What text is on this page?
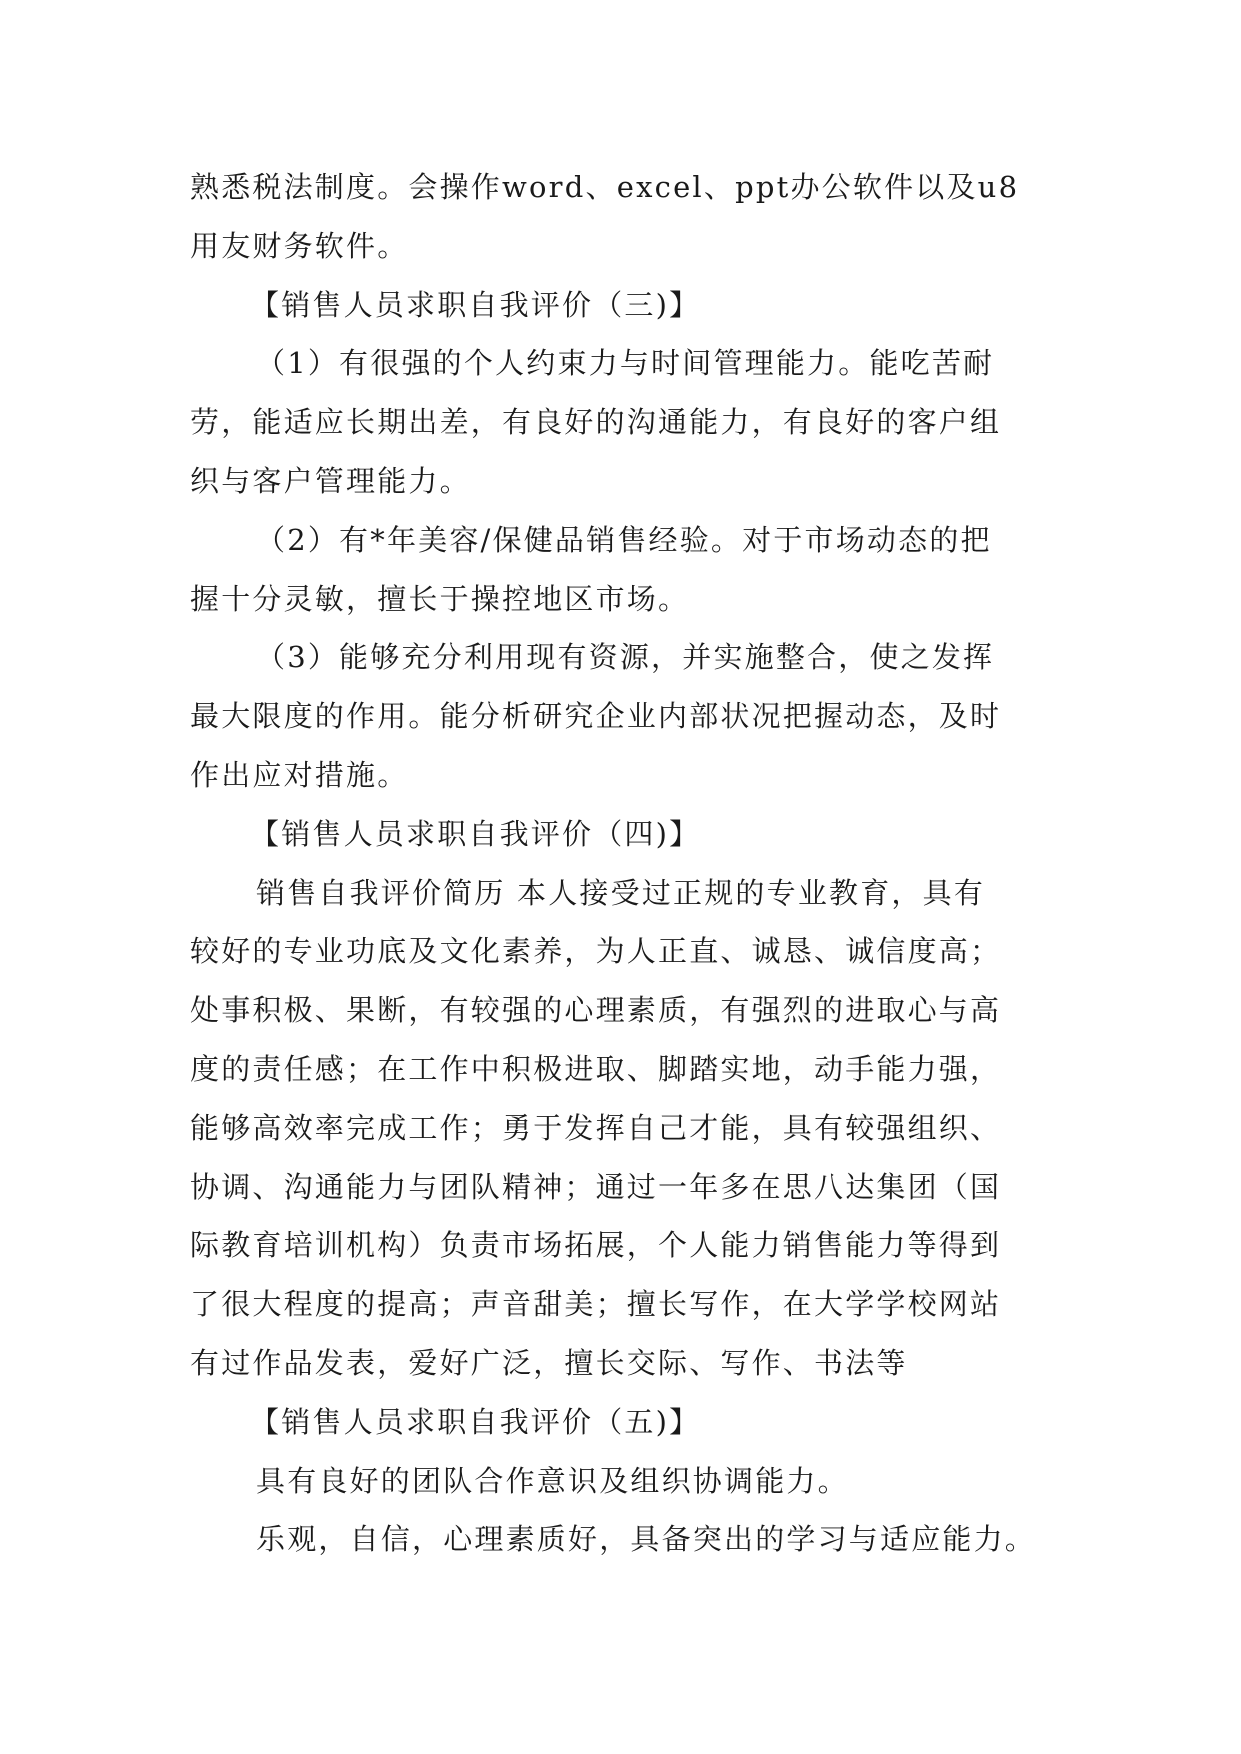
熟悉税法制度。会操作word、excel、ppt办公软件以及u8
用友财务软件。
【销售人员求职自我评价（三)】
（1）有很强的个人约束力与时间管理能力。能吃苦耐
劳，能适应长期出差，有良好的沟通能力，有良好的客户组
织与客户管理能力。
（2）有*年美容/保健品销售经验。对于市场动态的把
握十分灵敏，擅长于操控地区市场。
（3）能够充分利用现有资源，并实施整合，使之发挥
最大限度的作用。能分析研究企业内部状况把握动态，及时
作出应对措施。
【销售人员求职自我评价（四)】
销售自我评价简历 本人接受过正规的专业教育，具有
较好的专业功底及文化素养，为人正直、诚恳、诚信度高；
处事积极、果断，有较强的心理素质，有强烈的进取心与高
度的责任感；在工作中积极进取、脚踏实地，动手能力强，
能够高效率完成工作；勇于发挥自己才能，具有较强组织、
协调、沟通能力与团队精神；通过一年多在思八达集团（国
际教育培训机构）负责市场拓展，个人能力销售能力等得到
了很大程度的提高；声音甜美；擅长写作，在大学学校网站
有过作品发表，爱好广泛，擅长交际、写作、书法等
【销售人员求职自我评价（五)】
具有良好的团队合作意识及组织协调能力。
乐观，自信，心理素质好，具备突出的学习与适应能力。
